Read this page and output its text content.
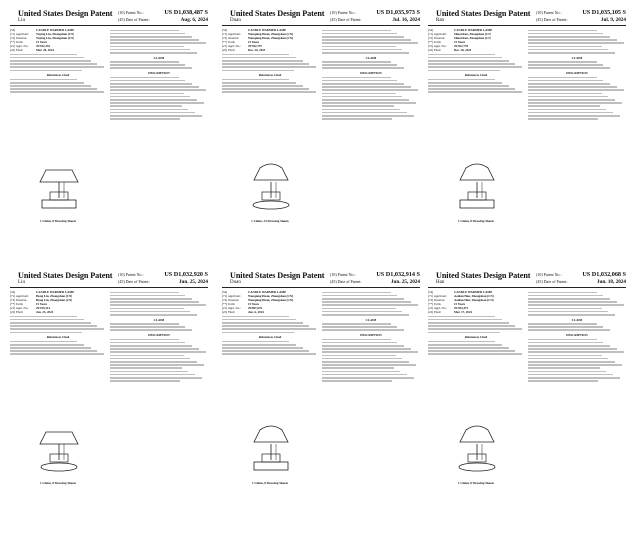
United States Design Patent
Liu
(10) Patent No.:	US D1,038,487 S
(45) Date of Patent:	Aug. 6, 2024
(54)	CANDLE WARMER LAMP
(71) Applicant:	Yuying Liu, Zhongshan (CN)
(72) Inventor:	Yuying Liu, Zhongshan (CN)
(**) Term:	15 Years
(21) Appl. No.:	29/932,335
(22) Filed:	Mar. 20, 2024
References Cited
1 Claim, 8 Drawing Sheets
CLAIM
DESCRIPTION
United States Design Patent
Duan
(10) Patent No.:	US D1,035,973 S
(45) Date of Patent:	Jul. 16, 2024
(54)	CANDLE WARMER LAMP
(71) Applicant:	Wenqiang Duan, Zhongshan (CN)
(72) Inventor:	Wenqiang Duan, Zhongshan (CN)
(**) Term:	15 Years
(21) Appl. No.:	29/932,797
(22) Filed:	Dec. 26, 2023
References Cited
1 Claim, 24 Drawing Sheets
CLAIM
DESCRIPTION
United States Design Patent
Ran
(10) Patent No.:	US D1,035,105 S
(45) Date of Patent:	Jul. 9, 2024
(54)	CANDLE WARMER LAMP
(71) Applicant:	Shuai Ran, Zhongshan (CN)
(72) Inventor:	Shuai Ran, Zhongshan (CN)
(**) Term:	15 Years
(21) Appl. No.:	29/922,778
(22) Filed:	Dec. 28, 2023
References Cited
1 Claim, 8 Drawing Sheets
CLAIM
DESCRIPTION
United States Design Patent
Liu
(10) Patent No.:	US D1,032,920 S
(45) Date of Patent:	Jun. 25, 2024
(54)	CANDLE WARMER LAMP
(71) Applicant:	Hong Liu, Zhongshan (CN)
(72) Inventor:	Hong Liu, Zhongshan (CN)
(**) Term:	15 Years
(21) Appl. No.:	29/919,314
(22) Filed:	Jan. 23, 2024
References Cited
1 Claim, 8 Drawing Sheets
CLAIM
DESCRIPTION
United States Design Patent
Duan
(10) Patent No.:	US D1,032,914 S
(45) Date of Patent:	Jun. 25, 2024
(54)	CANDLE WARMER LAMP
(71) Applicant:	Wenqiang Duan, Zhongshan (CN)
(72) Inventor:	Wenqiang Duan, Zhongshan (CN)
(**) Term:	15 Years
(21) Appl. No.:	29/897,676
(22) Filed:	Jun. 6, 2024
References Cited
1 Claim, 8 Drawing Sheets
CLAIM
DESCRIPTION
United States Design Patent
Han
(10) Patent No.:	US D1,032,068 S
(45) Date of Patent:	Jun. 18, 2024
(54)	CANDLE WARMER LAMP
(71) Applicant:	Aodian Han, Zhongshan (CN)
(72) Inventor:	Aodian Han, Zhongshan (CN)
(**) Term:	15 Years
(21) Appl. No.:	29/934,475
(22) Filed:	Mar. 17, 2024
References Cited
1 Claim, 8 Drawing Sheets
CLAIM
DESCRIPTION
